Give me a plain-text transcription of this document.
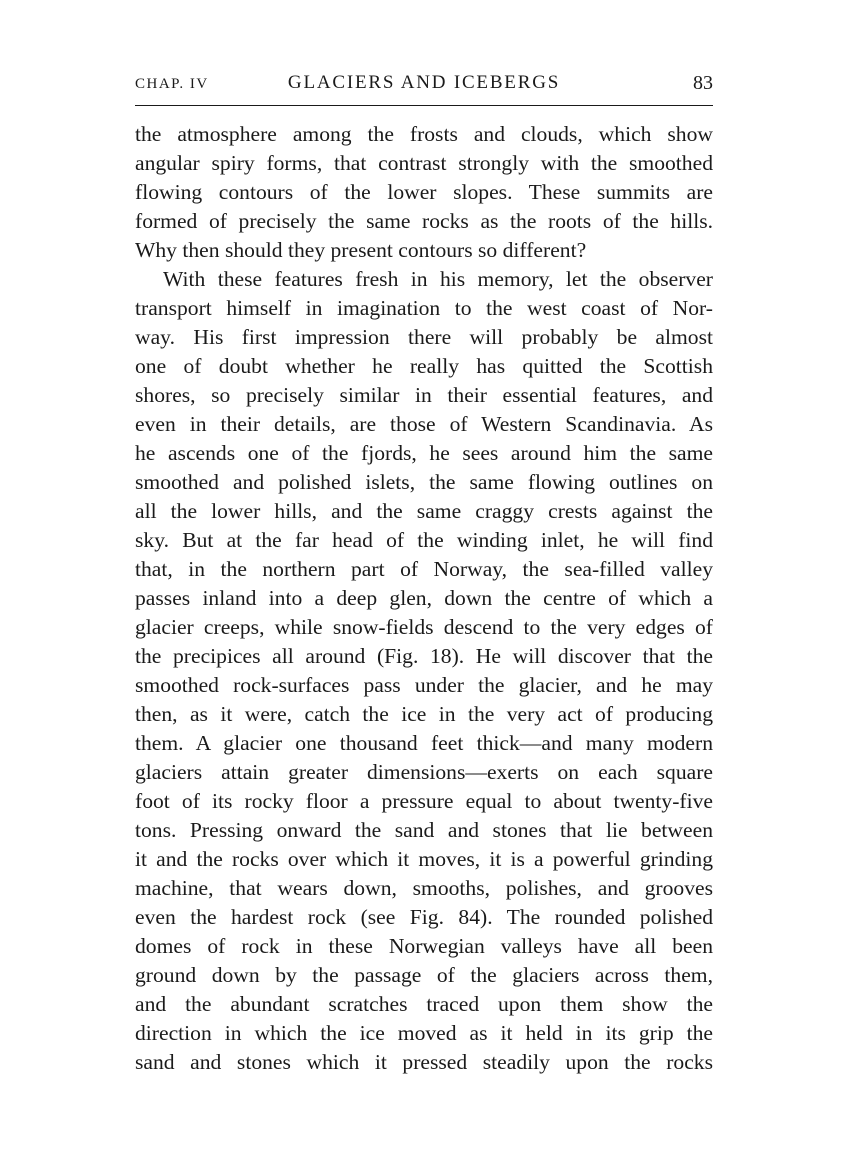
CHAP. IV	GLACIERS AND ICEBERGS	83
the atmosphere among the frosts and clouds, which show
angular spiry forms, that contrast strongly with the smoothed
flowing contours of the lower slopes. These summits are
formed of precisely the same rocks as the roots of the hills.
Why then should they present contours so different?
With these features fresh in his memory, let the observer
transport himself in imagination to the west coast of Nor-
way. His first impression there will probably be almost
one of doubt whether he really has quitted the Scottish
shores, so precisely similar in their essential features, and
even in their details, are those of Western Scandinavia. As
he ascends one of the fjords, he sees around him the same
smoothed and polished islets, the same flowing outlines on
all the lower hills, and the same craggy crests against the
sky. But at the far head of the winding inlet, he will find
that, in the northern part of Norway, the sea-filled valley
passes inland into a deep glen, down the centre of which a
glacier creeps, while snow-fields descend to the very edges of
the precipices all around (Fig. 18). He will discover that the
smoothed rock-surfaces pass under the glacier, and he may
then, as it were, catch the ice in the very act of producing
them. A glacier one thousand feet thick—and many modern
glaciers attain greater dimensions—exerts on each square
foot of its rocky floor a pressure equal to about twenty-five
tons. Pressing onward the sand and stones that lie between
it and the rocks over which it moves, it is a powerful grinding
machine, that wears down, smooths, polishes, and grooves
even the hardest rock (see Fig. 84). The rounded polished
domes of rock in these Norwegian valleys have all been
ground down by the passage of the glaciers across them,
and the abundant scratches traced upon them show the
direction in which the ice moved as it held in its grip the
sand and stones which it pressed steadily upon the rocks
